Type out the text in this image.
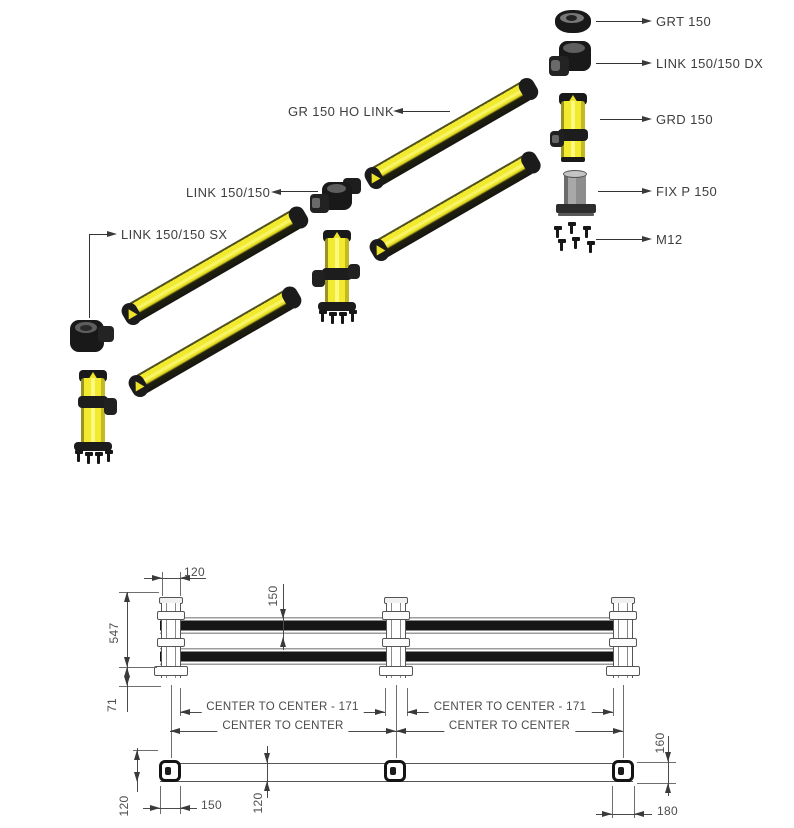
GR 150 HO LINK
LINK 150/150
LINK 150/150 SX
GRT 150
LINK 150/150 DX
GRD 150
FIX P 150
M12
120
150
547
71	CENTER TO CENTER - 171	CENTER TO CENTER - 171
CENTER TO CENTER	CENTER TO CENTER
120	150 120
160
180
